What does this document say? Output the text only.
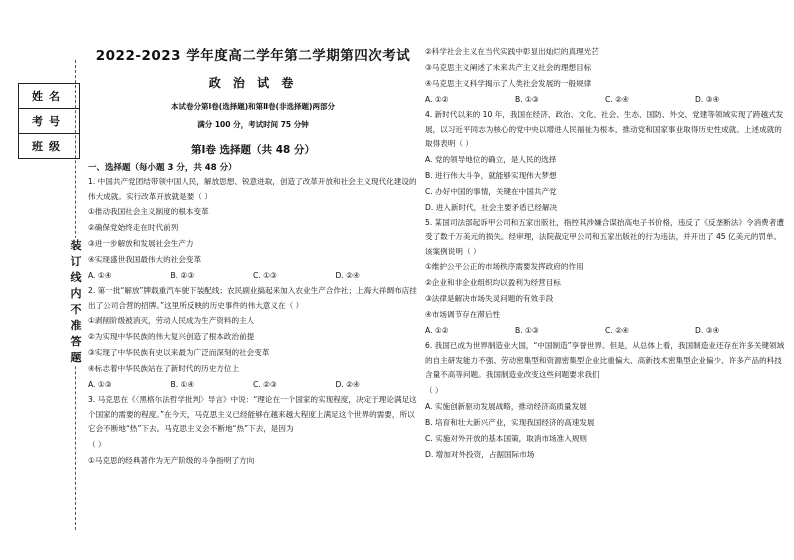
姓名
考号
班级
装
订
线
内
不
准
答
题
2022-2023 学年度高二学年第二学期第四次考试
政 治 试 卷
本试卷分第Ⅰ卷(选择题)和第Ⅱ卷(非选择题)两部分
满分 100 分，考试时间 75 分钟
第Ⅰ卷 选择题（共 48 分）
一、选择题（每小题 3 分，共 48 分）

1. 中国共产党团结带领中国人民，解放思想、锐意进取，创造了改革开放和社会主义现代化建设的伟大成就。实行改革开放就是要（ ）

①推动我国社会主义制度的根本变革

②确保党始终走在时代前列

③进一步解放和发展社会生产力

④实现盛世我国最伟大的社会变革

A. ①④	B. ②③	C. ①③	D. ②④

2. 第一批“解放”牌载重汽车驶下装配线；农民副业搞起来加入农业生产合作社；上海大祥绸布店挂出了公司合营的招牌。”这里所反映的历史事件的伟大意义在（ ）

①剥削阶级被消灭，劳动人民成为生产资料的主人

②为实现中华民族的伟大复兴创造了根本政治前提

③实现了中华民族有史以来最为广泛而深刻的社会变革

④标志着中华民族站在了新时代的历史方位上

A. ①③	B. ①④	C. ②③	D. ②④

3. 马克思在《〈黑格尔法哲学批判〉导言》中说：“理论在一个国家的实现程度，决定于理论满足这个国家的需要的程度。”在今天，马克思主义已经能够在越来越大程度上满足这个世界的需要，所以它会不断地“热”下去。马克思主义会不断地“热”下去，是因为

（ ）

①马克思的经典著作为无产阶级的斗争指明了方向

②科学社会主义在当代实践中彰显出灿烂的真理光芒

③马克思主义阐述了未来共产主义社会的理想目标

④马克思主义科学揭示了人类社会发展的一般规律

A. ①②	B. ①③	C. ②④	D. ③④

4. 新时代以来的 10 年，我国在经济、政治、文化、社会、生态、国防、外交、党建等领域实现了跨越式发展，以习近平同志为核心的党中央以增进人民福祉为根本，推动党和国家事业取得历史性成就。上述成就的取得表明（ ）

A. 党的领导地位的确立，是人民的选择

B. 进行伟大斗争，就能够实现伟大梦想

C. 办好中国的事情，关键在中国共产党

D. 进入新时代，社会主要矛盾已经解决

5. 某国司法部起诉甲公司和五家出版社，指控其涉嫌合谋抬高电子书价格，违反了《反垄断法》令消费者遭受了数千万美元的损失。经审理，法院裁定甲公司和五家出版社的行为违法，并开出了 45 亿美元的罚单。该案例说明（ ）

①维护公平公正的市场秩序需要发挥政府的作用

②企业和非企业组织均以盈利为经营目标

③法律是解决市场失灵问题的有效手段

④市场调节存在滞后性

A. ①②	B. ①③	C. ②④	D. ③④

6. 我国已成为世界制造业大国，“中国制造”享誉世界。但是，从总体上看，我国制造业还存在许多关键领域的自主研发能力不强、劳动密集型和资源密集型企业比重偏大、高新技术密集型企业偏少、许多产品的科技含量不高等问题。我国制造业改变这些问题要求我们

（ ）

A. 实施创新驱动发展战略，推动经济高质量发展

B. 培育和壮大新兴产业，实现我国经济的高速发展

C. 实施对外开放的基本国策，取消市场准入规则

D. 增加对外投资，占据国际市场
